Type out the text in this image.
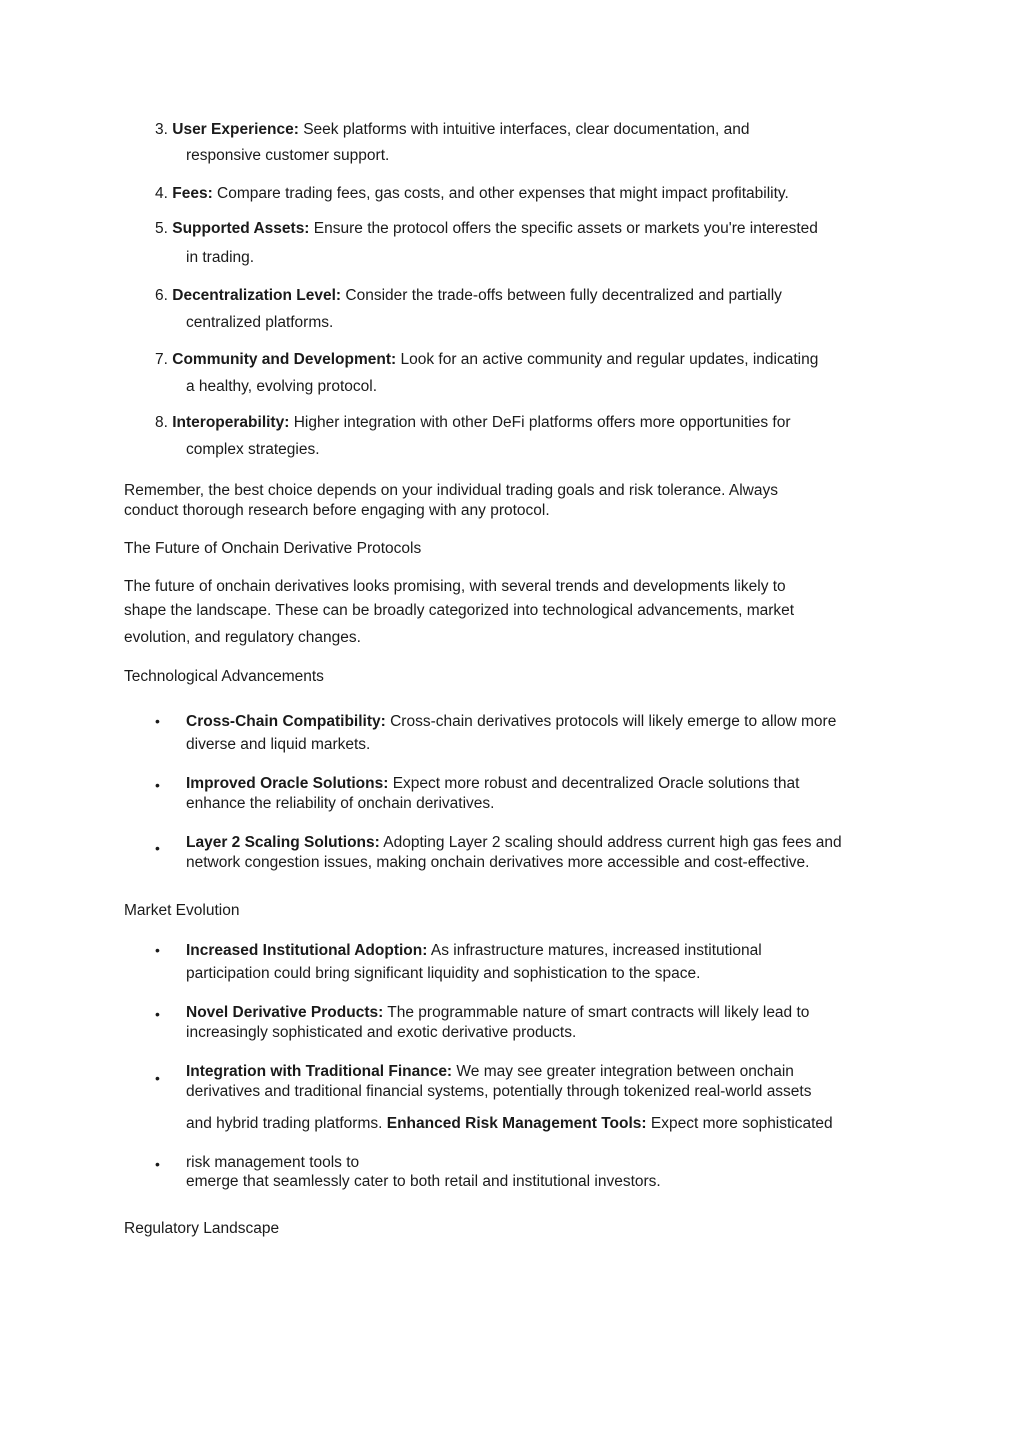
3. User Experience: Seek platforms with intuitive interfaces, clear documentation, and
responsive customer support.
4. Fees: Compare trading fees, gas costs, and other expenses that might impact profitability.
5. Supported Assets: Ensure the protocol offers the specific assets or markets you're interested
in trading.
6. Decentralization Level: Consider the trade-offs between fully decentralized and partially
centralized platforms.
7. Community and Development: Look for an active community and regular updates, indicating
a healthy, evolving protocol.
8. Interoperability: Higher integration with other DeFi platforms offers more opportunities for
complex strategies.
Remember, the best choice depends on your individual trading goals and risk tolerance. Always
conduct thorough research before engaging with any protocol.
The Future of Onchain Derivative Protocols
The future of onchain derivatives looks promising, with several trends and developments likely to
shape the landscape. These can be broadly categorized into technological advancements, market
evolution, and regulatory changes.
Technological Advancements
• Cross-Chain Compatibility: Cross-chain derivatives protocols will likely emerge to allow more
diverse and liquid markets.
• Improved Oracle Solutions: Expect more robust and decentralized Oracle solutions that
enhance the reliability of onchain derivatives.
• Layer 2 Scaling Solutions: Adopting Layer 2 scaling should address current high gas fees and
network congestion issues, making onchain derivatives more accessible and cost-effective.
Market Evolution
• Increased Institutional Adoption: As infrastructure matures, increased institutional
participation could bring significant liquidity and sophistication to the space.
• Novel Derivative Products: The programmable nature of smart contracts will likely lead to
increasingly sophisticated and exotic derivative products.
• Integration with Traditional Finance: We may see greater integration between onchain
derivatives and traditional financial systems, potentially through tokenized real-world assets
and hybrid trading platforms. Enhanced Risk Management Tools: Expect more sophisticated
• risk management tools to
emerge that seamlessly cater to both retail and institutional investors.
Regulatory Landscape
